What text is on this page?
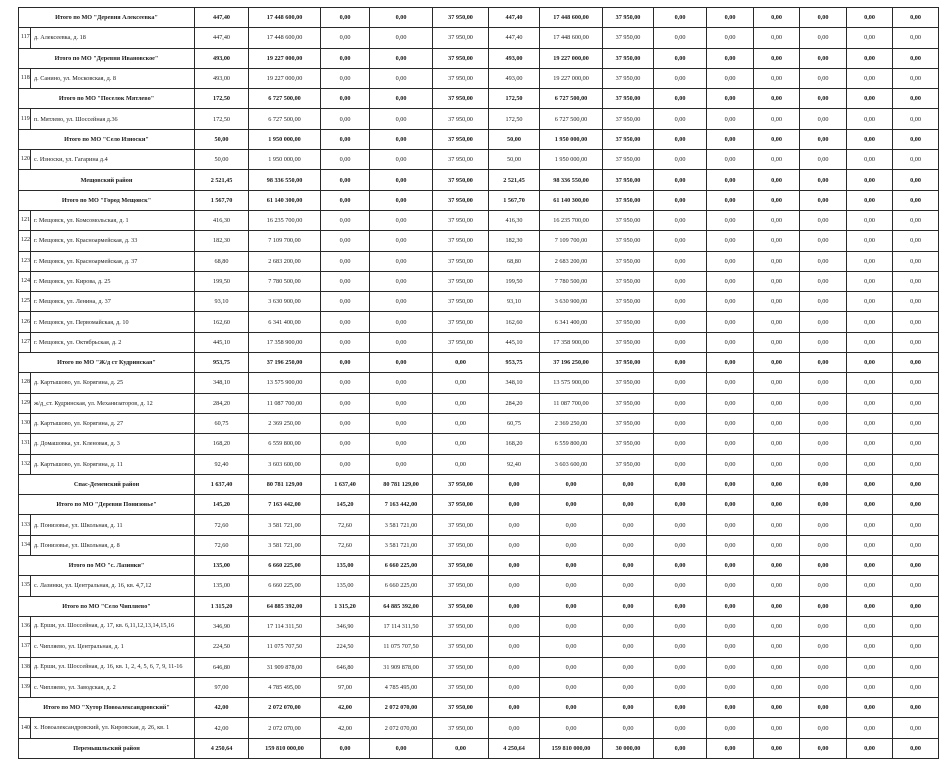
Итого по МО "Деревня Алексеевка"		447,40	17 448 600,00	0,00	0,00	37 950,00	447,40	17 448 600,00	37 950,00	0,00	0,00	0,00	0,00	0,00	0,00
117	д. Алексеевка, д. 18	447,40	17 448 600,00	0,00	0,00	37 950,00	447,40	17 448 600,00	37 950,00	0,00	0,00	0,00	0,00	0,00	0,00
Итого по МО "Деревня Ивановское"		493,00	19 227 000,00	0,00	0,00	37 950,00	493,00	19 227 000,00	37 950,00	0,00	0,00	0,00	0,00	0,00	0,00
118	д. Санино, ул. Московская, д. 8	493,00	19 227 000,00	0,00	0,00	37 950,00	493,00	19 227 000,00	37 950,00	0,00	0,00	0,00	0,00	0,00	0,00
Итого по МО "Поселок Мятлево"		172,50	6 727 500,00	0,00	0,00	37 950,00	172,50	6 727 500,00	37 950,00	0,00	0,00	0,00	0,00	0,00	0,00
119	п. Мятлево, ул. Шоссейная д.36	172,50	6 727 500,00	0,00	0,00	37 950,00	172,50	6 727 500,00	37 950,00	0,00	0,00	0,00	0,00	0,00	0,00
Итого по МО "Село Износки"		50,00	1 950 000,00	0,00	0,00	37 950,00	50,00	1 950 000,00	37 950,00	0,00	0,00	0,00	0,00	0,00	0,00
120	с. Износки, ул. Гагарина д.4	50,00	1 950 000,00	0,00	0,00	37 950,00	50,00	1 950 000,00	37 950,00	0,00	0,00	0,00	0,00	0,00	0,00
Мещовский район		2 521,45	98 336 550,00	0,00	0,00	37 950,00	2 521,45	98 336 550,00	37 950,00	0,00	0,00	0,00	0,00	0,00	0,00
Итого по МО "Город Мещовск"		1 567,70	61 140 300,00	0,00	0,00	37 950,00	1 567,70	61 140 300,00	37 950,00	0,00	0,00	0,00	0,00	0,00	0,00
121	г. Мещовск, ул. Комсомольская, д. 1	416,30	16 235 700,00	0,00	0,00	37 950,00	416,30	16 235 700,00	37 950,00	0,00	0,00	0,00	0,00	0,00	0,00
122	г. Мещовск, ул. Красноармейская, д. 33	182,30	7 109 700,00	0,00	0,00	37 950,00	182,30	7 109 700,00	37 950,00	0,00	0,00	0,00	0,00	0,00	0,00
123	г. Мещовск, ул. Красноармейская, д. 37	68,80	2 683 200,00	0,00	0,00	37 950,00	68,80	2 683 200,00	37 950,00	0,00	0,00	0,00	0,00	0,00	0,00
124	г. Мещовск, ул. Кирова, д. 25	199,50	7 780 500,00	0,00	0,00	37 950,00	199,50	7 780 500,00	37 950,00	0,00	0,00	0,00	0,00	0,00	0,00
125	г. Мещовск, ул. Ленина, д. 37	93,10	3 630 900,00	0,00	0,00	37 950,00	93,10	3 630 900,00	37 950,00	0,00	0,00	0,00	0,00	0,00	0,00
126	г. Мещовск, ул. Первомайская, д. 10	162,60	6 341 400,00	0,00	0,00	37 950,00	162,60	6 341 400,00	37 950,00	0,00	0,00	0,00	0,00	0,00	0,00
127	г. Мещовск, ул. Октябрьская, д. 2	445,10	17 358 900,00	0,00	0,00	37 950,00	445,10	17 358 900,00	37 950,00	0,00	0,00	0,00	0,00	0,00	0,00
Итого по МО "Ж/д ст Кудринская"		953,75	37 196 250,00	0,00	0,00	0,00	953,75	37 196 250,00	37 950,00	0,00	0,00	0,00	0,00	0,00	0,00
128	д. Картышово, ул. Корягина, д. 25	348,10	13 575 900,00	0,00	0,00	0,00	348,10	13 575 900,00	37 950,00	0,00	0,00	0,00	0,00	0,00	0,00
129	ж/д_ст. Кудринская, ул. Механизаторов, д. 12	284,20	11 087 700,00	0,00	0,00	0,00	284,20	11 087 700,00	37 950,00	0,00	0,00	0,00	0,00	0,00	0,00
130	д. Картышово, ул. Корягина, д. 27	60,75	2 369 250,00	0,00	0,00	0,00	60,75	2 369 250,00	37 950,00	0,00	0,00	0,00	0,00	0,00	0,00
131	д. Домашовка, ул. Кленовая, д. 3	168,20	6 559 800,00	0,00	0,00	0,00	168,20	6 559 800,00	37 950,00	0,00	0,00	0,00	0,00	0,00	0,00
132	д. Картышово, ул. Корягина, д. 11	92,40	3 603 600,00	0,00	0,00	0,00	92,40	3 603 600,00	37 950,00	0,00	0,00	0,00	0,00	0,00	0,00
Спас-Деменский район		1 637,40	80 781 129,00	1 637,40	80 781 129,00	37 950,00	0,00	0,00	0,00	0,00	0,00	0,00	0,00	0,00	0,00
Итого по МО "Деревня Понизовье"		145,20	7 163 442,00	145,20	7 163 442,00	37 950,00	0,00	0,00	0,00	0,00	0,00	0,00	0,00	0,00	0,00
133	д. Понизовье, ул. Школьная, д. 11	72,60	3 581 721,00	72,60	3 581 721,00	37 950,00	0,00	0,00	0,00	0,00	0,00	0,00	0,00	0,00	0,00
134	д. Понизовье, ул. Школьная, д. 8	72,60	3 581 721,00	72,60	3 581 721,00	37 950,00	0,00	0,00	0,00	0,00	0,00	0,00	0,00	0,00	0,00
Итого по МО "с. Лазинки"		135,00	6 660 225,00	135,00	6 660 225,00	37 950,00	0,00	0,00	0,00	0,00	0,00	0,00	0,00	0,00	0,00
135	с. Лазинки, ул. Центральная, д. 16, кв. 4,7,12	135,00	6 660 225,00	135,00	6 660 225,00	37 950,00	0,00	0,00	0,00	0,00	0,00	0,00	0,00	0,00	0,00
Итого по МО "Село Чипляево"		1 315,20	64 885 392,00	1 315,20	64 885 392,00	37 950,00	0,00	0,00	0,00	0,00	0,00	0,00	0,00	0,00	0,00
136	д. Ерши, ул. Шоссейная, д. 17, кв. 6,11,12,13,14,15,16	346,90	17 114 311,50	346,90	17 114 311,50	37 950,00	0,00	0,00	0,00	0,00	0,00	0,00	0,00	0,00	0,00
137	с. Чипляево, ул. Центральная, д. 1	224,50	11 075 707,50	224,50	11 075 707,50	37 950,00	0,00	0,00	0,00	0,00	0,00	0,00	0,00	0,00	0,00
138	д. Ерши, ул. Шоссейная, д. 16, кв. 1, 2, 4, 5, 6, 7, 9, 11-16	646,80	31 909 878,00	646,80	31 909 878,00	37 950,00	0,00	0,00	0,00	0,00	0,00	0,00	0,00	0,00	0,00
139	с. Чипляево, ул. Заводская, д. 2	97,00	4 785 495,00	97,00	4 785 495,00	37 950,00	0,00	0,00	0,00	0,00	0,00	0,00	0,00	0,00	0,00
Итого по МО "Хутор Новоалександровский"		42,00	2 072 070,00	42,00	2 072 070,00	37 950,00	0,00	0,00	0,00	0,00	0,00	0,00	0,00	0,00	0,00
140	х. Новоалександровский, ул. Кировская, д. 26, кв. 1	42,00	2 072 070,00	42,00	2 072 070,00	37 950,00	0,00	0,00	0,00	0,00	0,00	0,00	0,00	0,00	0,00
Перемышльский район		4 250,64	159 810 000,00	0,00	0,00	0,00	4 250,64	159 810 000,00	30 000,00	0,00	0,00	0,00	0,00	0,00	0,00
